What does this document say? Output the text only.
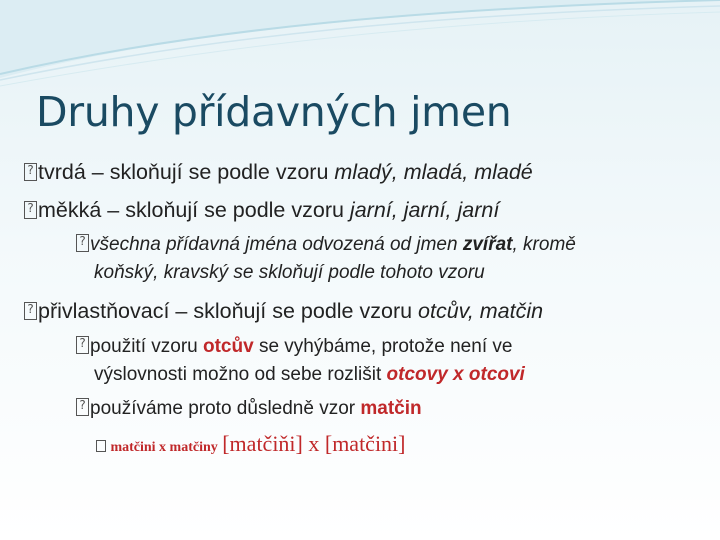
Druhy přídavných jmen
?tvrdá – skloňují se podle vzoru mladý, mladá, mladé
?měkká – skloňují se podle vzoru jarní, jarní, jarní
?všechna přídavná jména odvozená od jmen zvířat, kromě
koňský, kravský se skloňují podle tohoto vzoru
?přivlastňovací – skloňují se podle vzoru otcův, matčin
?použití vzoru otcův se vyhýbáme, protože není ve
výslovnosti možno od sebe rozlišit otcovy x otcovi
?používáme proto důsledně vzor matčin
matčini x matčiny [matčiňi] x [matčini]
